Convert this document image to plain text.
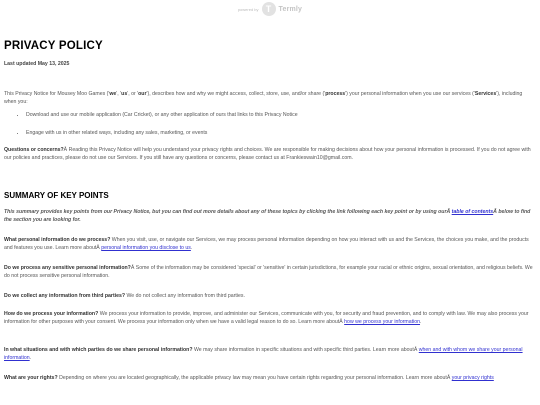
powered by T	Termly
PRIVACY POLICY
Last updated May 13, 2025
This Privacy Notice for Mousey Moo Games ('we', 'us', or 'our'), describes how and why we might access, collect, store, use, and/or share ('process') your personal information when you use our services ('Services'), including when you:
• Download and use our mobile application (Car Cricket), or any other application of ours that links to this Privacy Notice
• Engage with us in other related ways, including any sales, marketing, or events
Questions or concerns?Â Reading this Privacy Notice will help you understand your privacy rights and choices. We are responsible for making decisions about how your personal information is processed. If you do not agree with our policies and practices, please do not use our Services. If you still have any questions or concerns, please contact us at Frankieswain10@gmail.com.
SUMMARY OF KEY POINTS
This summary provides key points from our Privacy Notice, but you can find out more details about any of these topics by clicking the link following each key point or by using ourÂ table of contentsÂ below to find the section you are looking for.
What personal information do we process? When you visit, use, or navigate our Services, we may process personal information depending on how you interact with us and the Services, the choices you make, and the products and features you use. Learn more aboutÂ personal information you disclose to us.
Do we process any sensitive personal information?Â Some of the information may be considered 'special' or 'sensitive' in certain jurisdictions, for example your racial or ethnic origins, sexual orientation, and religious beliefs. We do not process sensitive personal information.
Do we collect any information from third parties? We do not collect any information from third parties.
How do we process your information? We process your information to provide, improve, and administer our Services, communicate with you, for security and fraud prevention, and to comply with law. We may also process your information for other purposes with your consent. We process your information only when we have a valid legal reason to do so. Learn more aboutÂ how we process your information.
In what situations and with which parties do we share personal information? We may share information in specific situations and with specific third parties. Learn more aboutÂ when and with whom we share your personal information.
What are your rights? Depending on where you are located geographically, the applicable privacy law may mean you have certain rights regarding your personal information. Learn more aboutÂ your privacy rights
